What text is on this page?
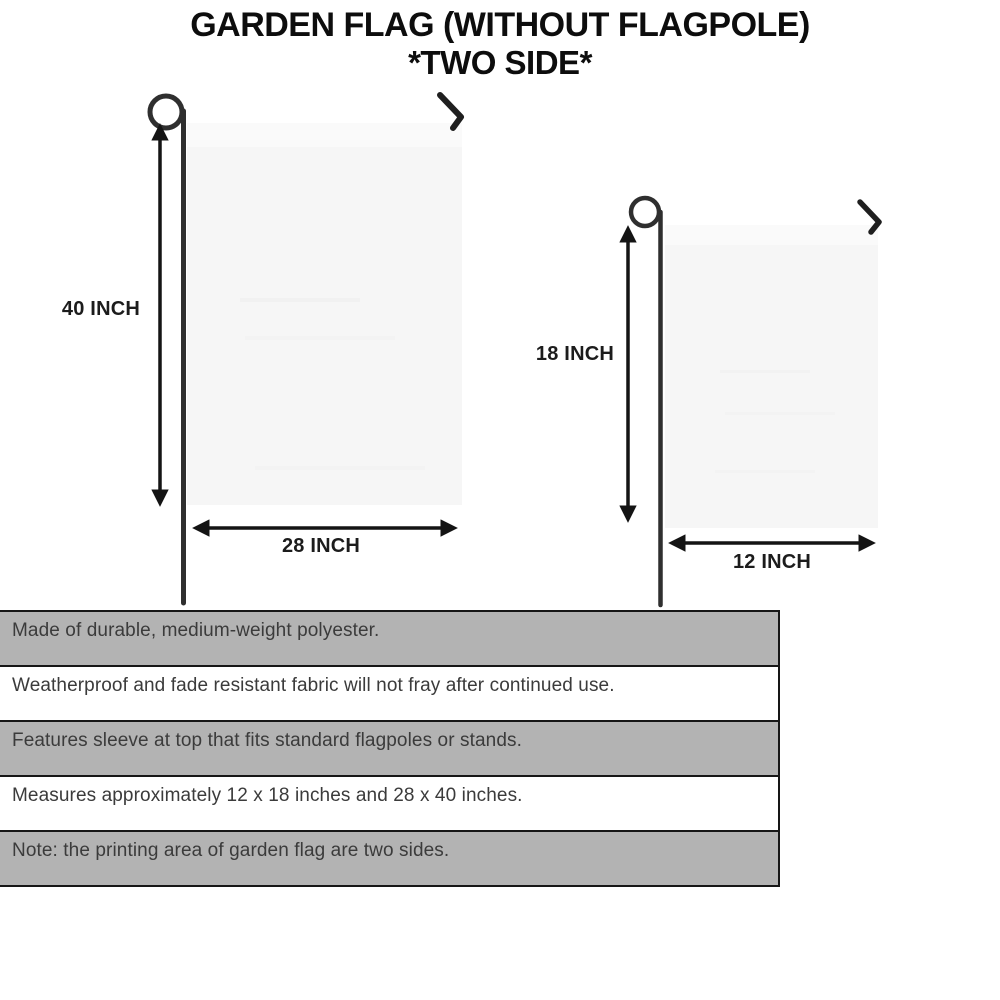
40 INCH
28 INCH
18 INCH
12 INCH
GARDEN FLAG (WITHOUT FLAGPOLE)
*TWO SIDE*
Made of durable, medium-weight polyester.
Weatherproof and fade resistant fabric will not fray after continued use.
Features sleeve at top that fits standard flagpoles or stands.
Measures approximately 12 x 18 inches and 28 x 40 inches.
Note: the printing area of garden flag are two sides.
